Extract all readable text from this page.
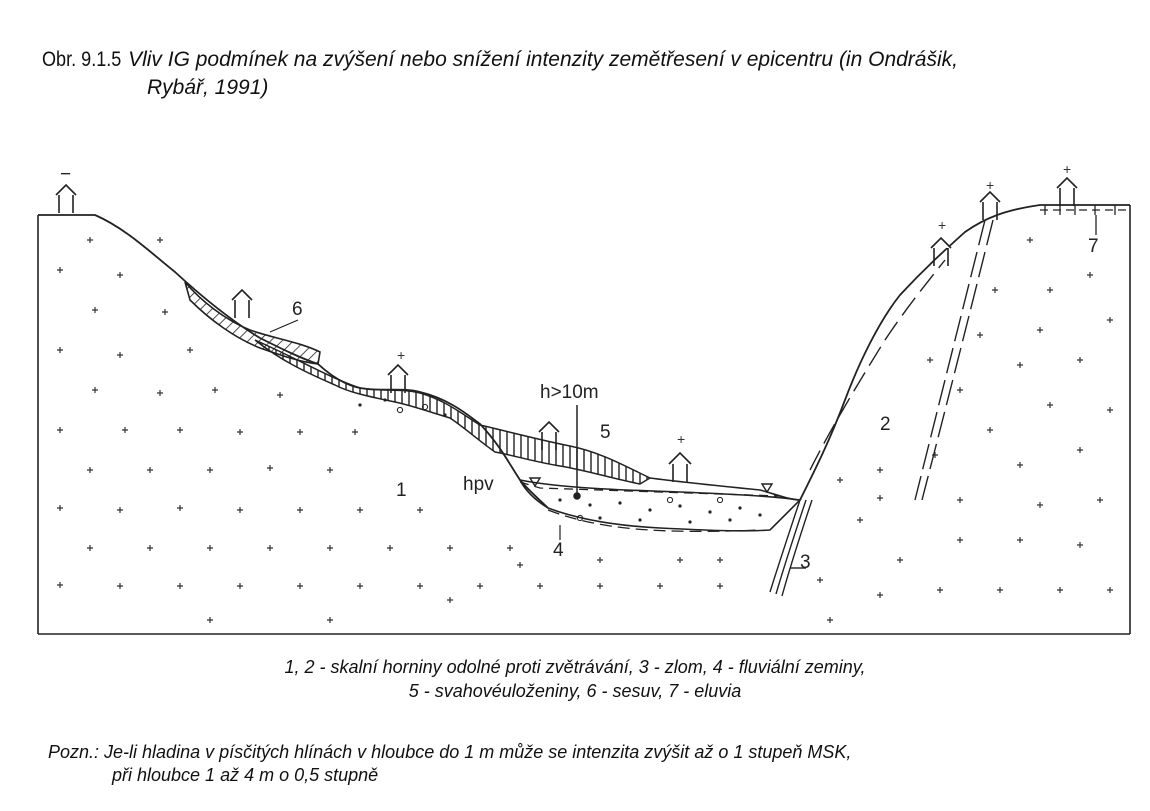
Obr. 9.1.5 Vliv IG podmínek na zvýšení nebo snížení intenzity zemětřesení v epicentru (in Ondrášik,
Rybář, 1991)
−
+
+
+
+
+
h>10m
hpv
1
2
3
4
5
6
7
1, 2 - skalní horniny odolné proti zvětrávání, 3 - zlom, 4 - fluviální zeminy,
5 - svahovéuloženiny, 6 - sesuv, 7 - eluvia
Pozn.: Je-li hladina v písčitých hlínách v hloubce do 1 m může se intenzita zvýšit až o 1 stupeň MSK,
při hloubce 1 až 4 m o 0,5 stupně
